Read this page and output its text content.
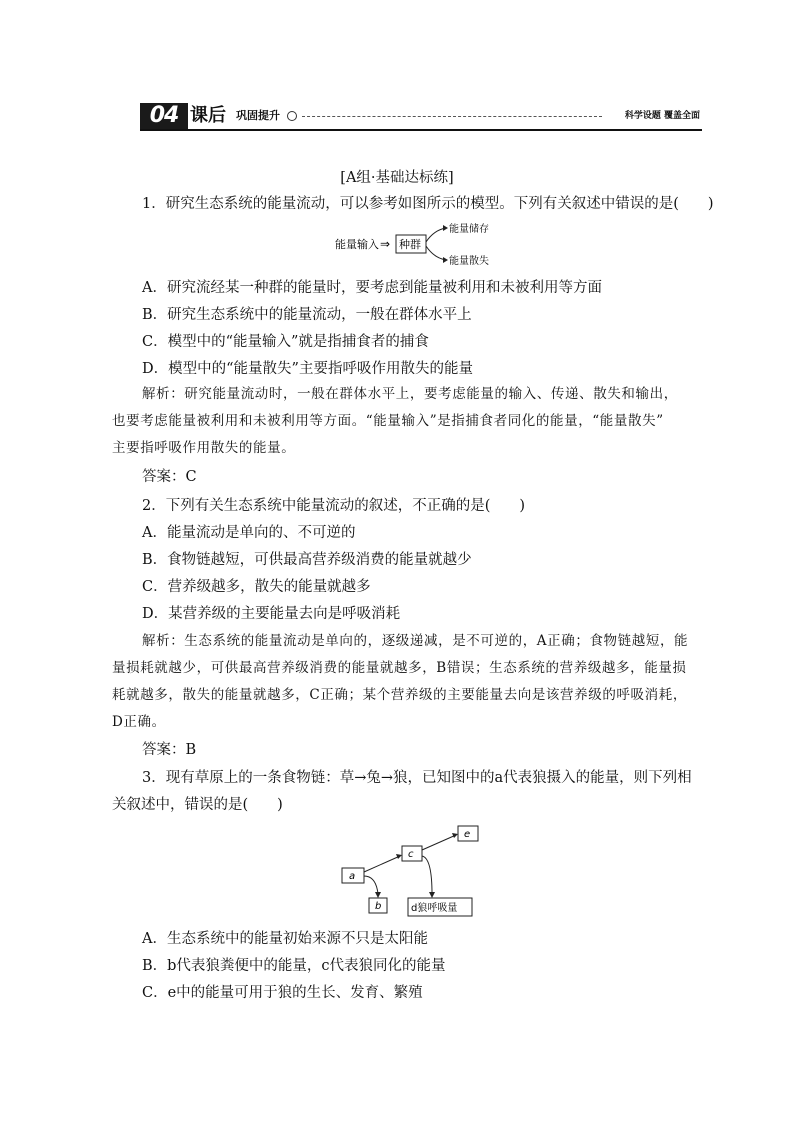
04 课后 巩固提升	科学设题 覆盖全面
[A组·基础达标练]
1．研究生态系统的能量流动，可以参考如图所示的模型。下列有关叙述中错误的是(　　)
能量输入 ⇒ 种群
能量储存
能量散失
A．研究流经某一种群的能量时，要考虑到能量被利用和未被利用等方面
B．研究生态系统中的能量流动，一般在群体水平上
C．模型中的“能量输入”就是指捕食者的捕食
D．模型中的“能量散失”主要指呼吸作用散失的能量
解析：研究能量流动时，一般在群体水平上，要考虑能量的输入、传递、散失和输出，
也要考虑能量被利用和未被利用等方面。“能量输入”是指捕食者同化的能量，“能量散失”
主要指呼吸作用散失的能量。
答案：C
2．下列有关生态系统中能量流动的叙述，不正确的是(　　)
A．能量流动是单向的、不可逆的
B．食物链越短，可供最高营养级消费的能量就越少
C．营养级越多，散失的能量就越多
D．某营养级的主要能量去向是呼吸消耗
解析：生态系统的能量流动是单向的，逐级递减，是不可逆的，A正确；食物链越短，能
量损耗就越少，可供最高营养级消费的能量就越多，B错误；生态系统的营养级越多，能量损
耗就越多，散失的能量就越多，C正确；某个营养级的主要能量去向是该营养级的呼吸消耗，
D正确。
答案：B
3．现有草原上的一条食物链：草→兔→狼，已知图中的a代表狼摄入的能量，则下列相
关叙述中，错误的是(　　)
a
b
c
e
d狼呼吸量
A．生态系统中的能量初始来源不只是太阳能
B．b代表狼粪便中的能量，c代表狼同化的能量
C．e中的能量可用于狼的生长、发育、繁殖
